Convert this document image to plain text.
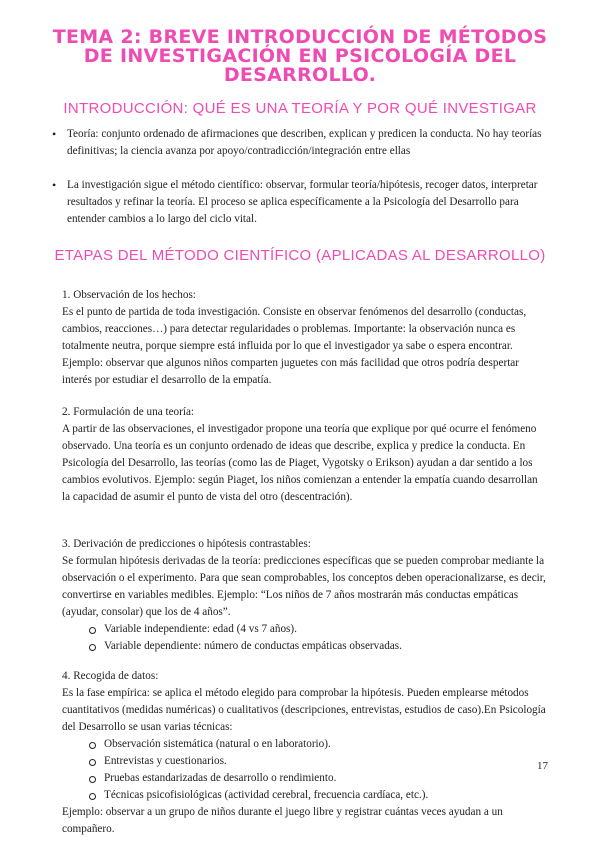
TEMA 2: BREVE INTRODUCCIÓN DE MÉTODOS DE INVESTIGACIÓN EN PSICOLOGÍA DEL DESARROLLO.
INTRODUCCIÓN: QUÉ ES UNA TEORÍA Y POR QUÉ INVESTIGAR
• Teoría: conjunto ordenado de afirmaciones que describen, explican y predicen la conducta. No hay teorías definitivas; la ciencia avanza por apoyo/contradicción/integración entre ellas
• La investigación sigue el método científico: observar, formular teoría/hipótesis, recoger datos, interpretar resultados y refinar la teoría. El proceso se aplica específicamente a la Psicología del Desarrollo para entender cambios a lo largo del ciclo vital.
ETAPAS DEL MÉTODO CIENTÍFICO (APLICADAS AL DESARROLLO)

1. Observación de los hechos:

Es el punto de partida de toda investigación. Consiste en observar fenómenos del desarrollo (conductas, cambios, reacciones…) para detectar regularidades o problemas. Importante: la observación nunca es totalmente neutra, porque siempre está influida por lo que el investigador ya sabe o espera encontrar. Ejemplo: observar que algunos niños comparten juguetes con más facilidad que otros podría despertar interés por estudiar el desarrollo de la empatía.

2. Formulación de una teoría:

A partir de las observaciones, el investigador propone una teoría que explique por qué ocurre el fenómeno observado. Una teoría es un conjunto ordenado de ideas que describe, explica y predice la conducta. En Psicología del Desarrollo, las teorías (como las de Piaget, Vygotsky o Erikson) ayudan a dar sentido a los cambios evolutivos. Ejemplo: según Piaget, los niños comienzan a entender la empatía cuando desarrollan la capacidad de asumir el punto de vista del otro (descentración).

3. Derivación de predicciones o hipótesis contrastables:

Se formulan hipótesis derivadas de la teoría: predicciones específicas que se pueden comprobar mediante la observación o el experimento. Para que sean comprobables, los conceptos deben operacionalizarse, es decir, convertirse en variables medibles. Ejemplo: “Los niños de 7 años mostrarán más conductas empáticas (ayudar, consolar) que los de 4 años”.

Variable independiente: edad (4 vs 7 años).
Variable dependiente: número de conductas empáticas observadas.

4. Recogida de datos:

Es la fase empírica: se aplica el método elegido para comprobar la hipótesis. Pueden emplearse métodos cuantitativos (medidas numéricas) o cualitativos (descripciones, entrevistas, estudios de caso).En Psicología del Desarrollo se usan varias técnicas:

Observación sistemática (natural o en laboratorio).
Entrevistas y cuestionarios.
Pruebas estandarizadas de desarrollo o rendimiento.
Técnicas psicofisiológicas (actividad cerebral, frecuencia cardíaca, etc.).

Ejemplo: observar a un grupo de niños durante el juego libre y registrar cuántas veces ayudan a un compañero.

17
